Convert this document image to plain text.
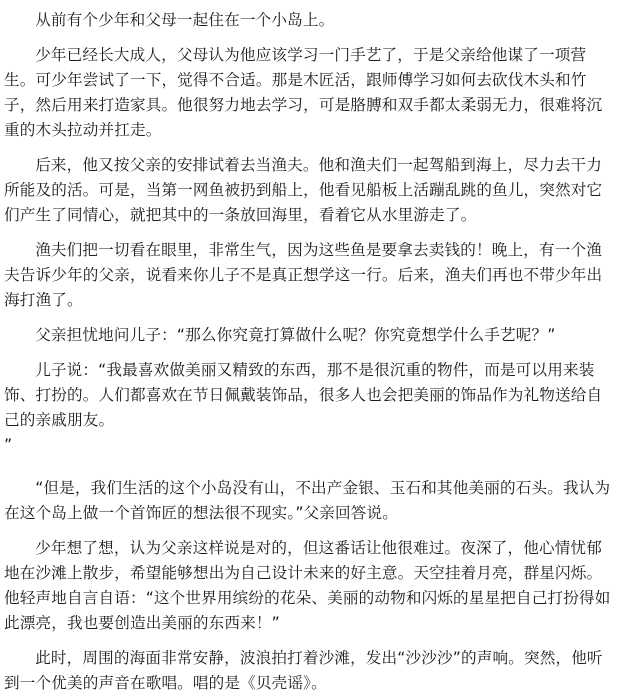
从前有个少年和父母一起住在一个小岛上。

少年已经长大成人，父母认为他应该学习一门手艺了，于是父亲给他谋了一项营生。可少年尝试了一下，觉得不合适。那是木匠活，跟师傅学习如何去砍伐木头和竹子，然后用来打造家具。他很努力地去学习，可是胳膊和双手都太柔弱无力，很难将沉重的木头拉动并扛走。

后来，他又按父亲的安排试着去当渔夫。他和渔夫们一起驾船到海上，尽力去干力所能及的活。可是，当第一网鱼被扔到船上，他看见船板上活蹦乱跳的鱼儿，突然对它们产生了同情心，就把其中的一条放回海里，看着它从水里游走了。

渔夫们把一切看在眼里，非常生气，因为这些鱼是要拿去卖钱的！晚上，有一个渔夫告诉少年的父亲，说看来你儿子不是真正想学这一行。后来，渔夫们再也不带少年出海打渔了。

父亲担忧地问儿子：“那么你究竟打算做什么呢？你究竟想学什么手艺呢？”

儿子说：“我最喜欢做美丽又精致的东西，那不是很沉重的物件，而是可以用来装饰、打扮的。人们都喜欢在节日佩戴装饰品，很多人也会把美丽的饰品作为礼物送给自己的亲戚朋友。
”

“但是，我们生活的这个小岛没有山，不出产金银、玉石和其他美丽的石头。我认为在这个岛上做一个首饰匠的想法很不现实。”父亲回答说。

少年想了想，认为父亲这样说是对的，但这番话让他很难过。夜深了，他心情忧郁地在沙滩上散步，希望能够想出为自己设计未来的好主意。天空挂着月亮，群星闪烁。他轻声地自言自语：“这个世界用缤纷的花朵、美丽的动物和闪烁的星星把自己打扮得如此漂亮，我也要创造出美丽的东西来！”

此时，周围的海面非常安静，波浪拍打着沙滩，发出“沙沙沙”的声响。突然，他听到一个优美的声音在歌唱。唱的是《贝壳谣》。
